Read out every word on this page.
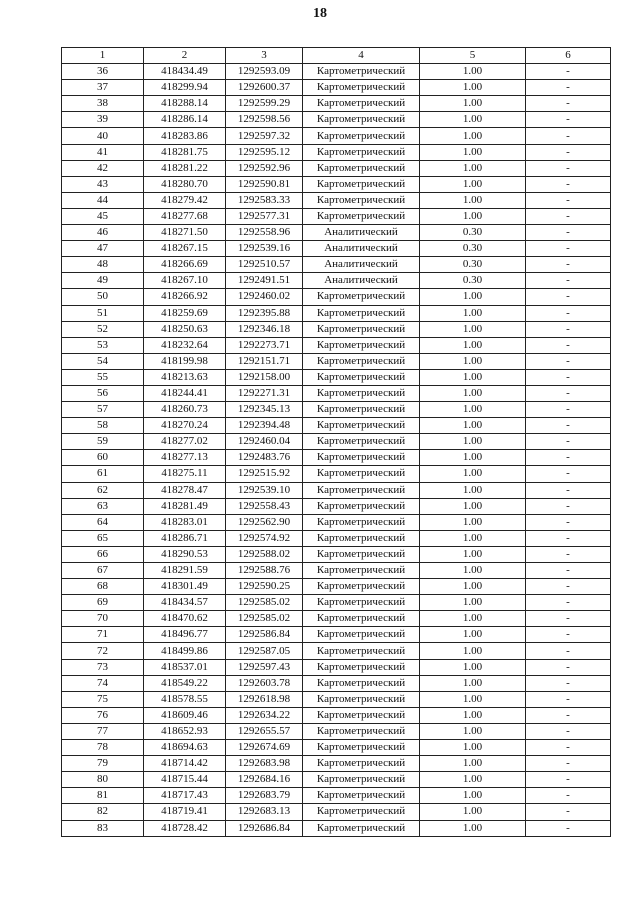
18
1	2	3	4	5	6
36	418434.49	1292593.09	Картометрический	1.00	-
37	418299.94	1292600.37	Картометрический	1.00	-
38	418288.14	1292599.29	Картометрический	1.00	-
39	418286.14	1292598.56	Картометрический	1.00	-
40	418283.86	1292597.32	Картометрический	1.00	-
41	418281.75	1292595.12	Картометрический	1.00	-
42	418281.22	1292592.96	Картометрический	1.00	-
43	418280.70	1292590.81	Картометрический	1.00	-
44	418279.42	1292583.33	Картометрический	1.00	-
45	418277.68	1292577.31	Картометрический	1.00	-
46	418271.50	1292558.96	Аналитический	0.30	-
47	418267.15	1292539.16	Аналитический	0.30	-
48	418266.69	1292510.57	Аналитический	0.30	-
49	418267.10	1292491.51	Аналитический	0.30	-
50	418266.92	1292460.02	Картометрический	1.00	-
51	418259.69	1292395.88	Картометрический	1.00	-
52	418250.63	1292346.18	Картометрический	1.00	-
53	418232.64	1292273.71	Картометрический	1.00	-
54	418199.98	1292151.71	Картометрический	1.00	-
55	418213.63	1292158.00	Картометрический	1.00	-
56	418244.41	1292271.31	Картометрический	1.00	-
57	418260.73	1292345.13	Картометрический	1.00	-
58	418270.24	1292394.48	Картометрический	1.00	-
59	418277.02	1292460.04	Картометрический	1.00	-
60	418277.13	1292483.76	Картометрический	1.00	-
61	418275.11	1292515.92	Картометрический	1.00	-
62	418278.47	1292539.10	Картометрический	1.00	-
63	418281.49	1292558.43	Картометрический	1.00	-
64	418283.01	1292562.90	Картометрический	1.00	-
65	418286.71	1292574.92	Картометрический	1.00	-
66	418290.53	1292588.02	Картометрический	1.00	-
67	418291.59	1292588.76	Картометрический	1.00	-
68	418301.49	1292590.25	Картометрический	1.00	-
69	418434.57	1292585.02	Картометрический	1.00	-
70	418470.62	1292585.02	Картометрический	1.00	-
71	418496.77	1292586.84	Картометрический	1.00	-
72	418499.86	1292587.05	Картометрический	1.00	-
73	418537.01	1292597.43	Картометрический	1.00	-
74	418549.22	1292603.78	Картометрический	1.00	-
75	418578.55	1292618.98	Картометрический	1.00	-
76	418609.46	1292634.22	Картометрический	1.00	-
77	418652.93	1292655.57	Картометрический	1.00	-
78	418694.63	1292674.69	Картометрический	1.00	-
79	418714.42	1292683.98	Картометрический	1.00	-
80	418715.44	1292684.16	Картометрический	1.00	-
81	418717.43	1292683.79	Картометрический	1.00	-
82	418719.41	1292683.13	Картометрический	1.00	-
83	418728.42	1292686.84	Картометрический	1.00	-
